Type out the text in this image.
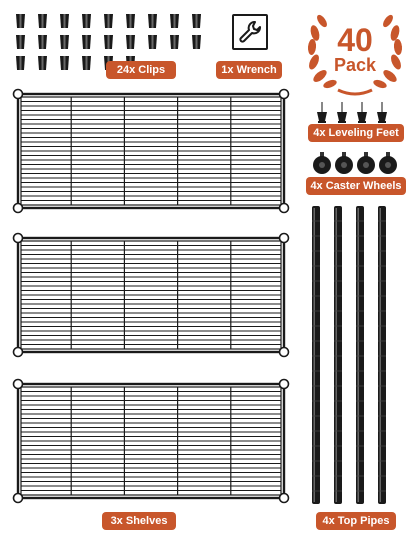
24x Clips	1x Wrench
40
Pack
3x Shelves
4x Leveling Feet
4x Caster Wheels
4x Top Pipes
